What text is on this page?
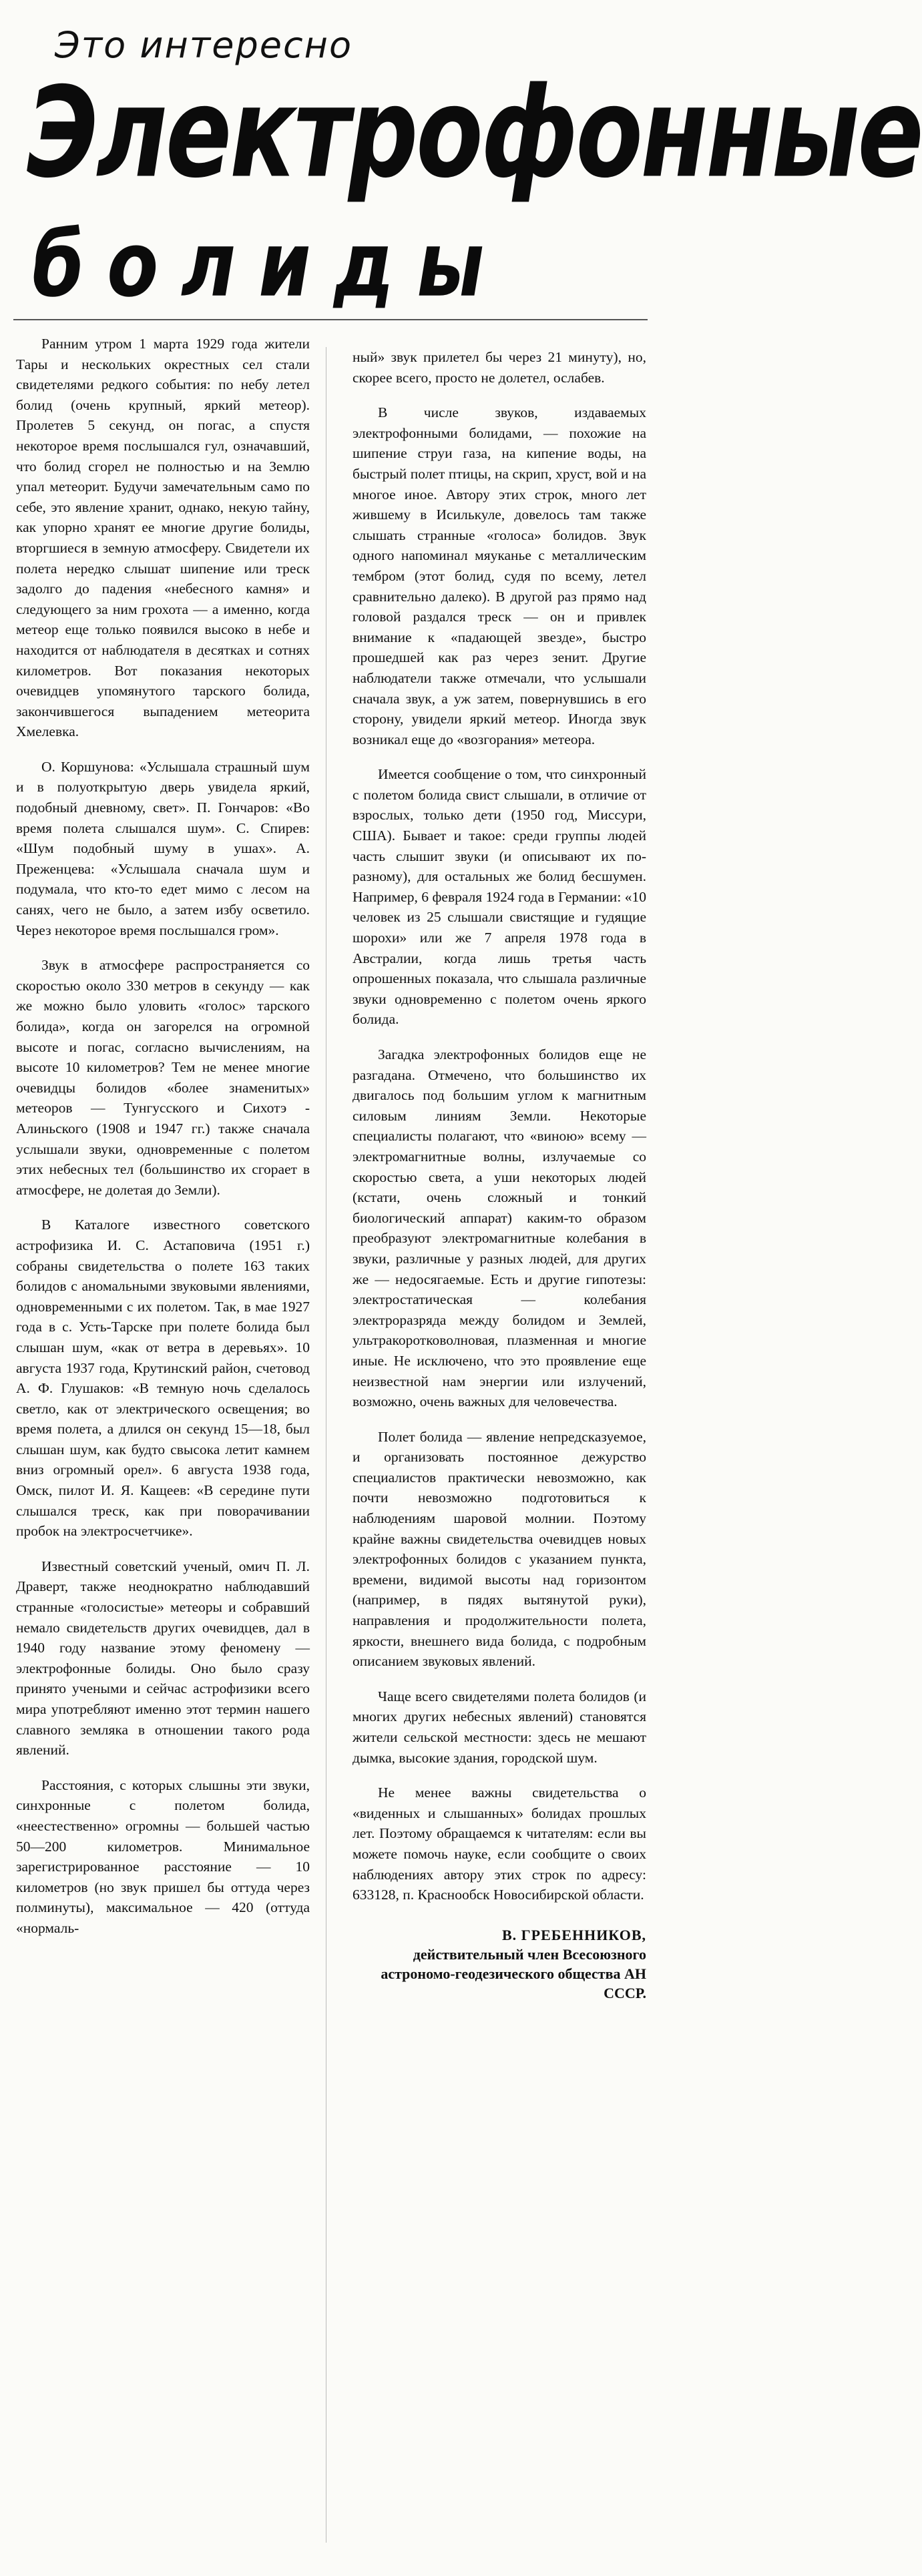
Это интересно
Электрофонные
болиды

Ранним утром 1 марта 1929 года жители Тары и нескольких окрестных сел стали свидетелями редкого события: по небу летел болид (очень крупный, яркий метеор). Пролетев 5 секунд, он погас, а спустя некоторое время послышался гул, означавший, что болид сгорел не полностью и на Землю упал метеорит. Будучи замечательным само по себе, это явление хранит, однако, некую тайну, как упорно хранят ее многие другие болиды, вторгшиеся в земную атмосферу. Свидетели их полета нередко слышат шипение или треск задолго до падения «небесного камня» и следующего за ним грохота — а именно, когда метеор еще только появился высоко в небе и находится от наблюдателя в десятках и сотнях километров. Вот показания некоторых очевидцев упомянутого тарского болида, закончившегося выпадением метеорита Хмелевка.

О. Коршунова: «Услышала страшный шум и в полуоткрытую дверь увидела яркий, подобный дневному, свет». П. Гончаров: «Во время полета слышался шум». С. Спирев: «Шум подобный шуму в ушах». А. Преженцева: «Услышала сначала шум и подумала, что кто-то едет мимо с лесом на санях, чего не было, а затем избу осветило. Через некоторое время послышался гром».

Звук в атмосфере распространяется со скоростью около 330 метров в секунду — как же можно было уловить «голос» тарского болида», когда он загорелся на огромной высоте и погас, согласно вычислениям, на высоте 10 километров? Тем не менее многие очевидцы болидов «более знаменитых» метеоров — Тунгусского и Сихотэ - Алиньского (1908 и 1947 гг.) также сначала услышали звуки, одновременные с полетом этих небесных тел (большинство их сгорает в атмосфере, не долетая до Земли).

В Каталоге известного советского астрофизика И. С. Астаповича (1951 г.) собраны свидетельства о полете 163 таких болидов с аномальными звуковыми явлениями, одновременными с их полетом. Так, в мае 1927 года в с. Усть-Тарске при полете болида был слышан шум, «как от ветра в деревьях». 10 августа 1937 года, Крутинский район, счетовод А. Ф. Глушаков: «В темную ночь сделалось светло, как от электрического освещения; во время полета, а длился он секунд 15—18, был слышан шум, как будто свысока летит камнем вниз огромный орел». 6 августа 1938 года, Омск, пилот И. Я. Кащеев: «В середине пути слышался треск, как при поворачивании пробок на электросчетчике».

Известный советский ученый, омич П. Л. Драверт, также неоднократно наблюдавший странные «голосистые» метеоры и собравший немало свидетельств других очевидцев, дал в 1940 году название этому феномену — электрофонные болиды. Оно было сразу принято учеными и сейчас астрофизики всего мира употребляют именно этот термин нашего славного земляка в отношении такого рода явлений.

Расстояния, с которых слышны эти звуки, синхронные с полетом болида, «неестественно» огромны — большей частью 50—200 километров. Минимальное зарегистрированное расстояние — 10 километров (но звук пришел бы оттуда через полминуты), максимальное — 420 (оттуда «нормаль-

ный» звук прилетел бы через 21 минуту), но, скорее всего, просто не долетел, ослабев.

В числе звуков, издаваемых электрофонными болидами, — похожие на шипение струи газа, на кипение воды, на быстрый полет птицы, на скрип, хруст, вой и на многое иное. Автору этих строк, много лет жившему в Исилькуле, довелось там также слышать странные «голоса» болидов. Звук одного напоминал мяуканье с металлическим тембром (этот болид, судя по всему, летел сравнительно далеко). В другой раз прямо над головой раздался треск — он и привлек внимание к «падающей звезде», быстро прошедшей как раз через зенит. Другие наблюдатели также отмечали, что услышали сначала звук, а уж затем, повернувшись в его сторону, увидели яркий метеор. Иногда звук возникал еще до «возгорания» метеора.

Имеется сообщение о том, что синхронный с полетом болида свист слышали, в отличие от взрослых, только дети (1950 год, Миссури, США). Бывает и такое: среди группы людей часть слышит звуки (и описывают их по-разному), для остальных же болид бесшумен. Например, 6 февраля 1924 года в Германии: «10 человек из 25 слышали свистящие и гудящие шорохи» или же 7 апреля 1978 года в Австралии, когда лишь третья часть опрошенных показала, что слышала различные звуки одновременно с полетом очень яркого болида.

Загадка электрофонных болидов еще не разгадана. Отмечено, что большинство их двигалось под большим углом к магнитным силовым линиям Земли. Некоторые специалисты полагают, что «виною» всему — электромагнитные волны, излучаемые со скоростью света, а уши некоторых людей (кстати, очень сложный и тонкий биологический аппарат) каким-то образом преобразуют электромагнитные колебания в звуки, различные у разных людей, для других же — недосягаемые. Есть и другие гипотезы: электростатическая — колебания электроразряда между болидом и Землей, ультракоротковолновая, плазменная и многие иные. Не исключено, что это проявление еще неизвестной нам энергии или излучений, возможно, очень важных для человечества.

Полет болида — явление непредсказуемое, и организовать постоянное дежурство специалистов практически невозможно, как почти невозможно подготовиться к наблюдениям шаровой молнии. Поэтому крайне важны свидетельства очевидцев новых электрофонных болидов с указанием пункта, времени, видимой высоты над горизонтом (например, в пядях вытянутой руки), направления и продолжительности полета, яркости, внешнего вида болида, с подробным описанием звуковых явлений.

Чаще всего свидетелями полета болидов (и многих других небесных явлений) становятся жители сельской местности: здесь не мешают дымка, высокие здания, городской шум.

Не менее важны свидетельства о «виденных и слышанных» болидах прошлых лет. Поэтому обращаемся к читателям: если вы можете помочь науке, если сообщите о своих наблюдениях автору этих строк по адресу: 633128, п. Краснообск Новосибирской области.

В. ГРЕБЕННИКОВ,
действительный член Всесоюзного астрономо-геодезического общества АН СССР.
